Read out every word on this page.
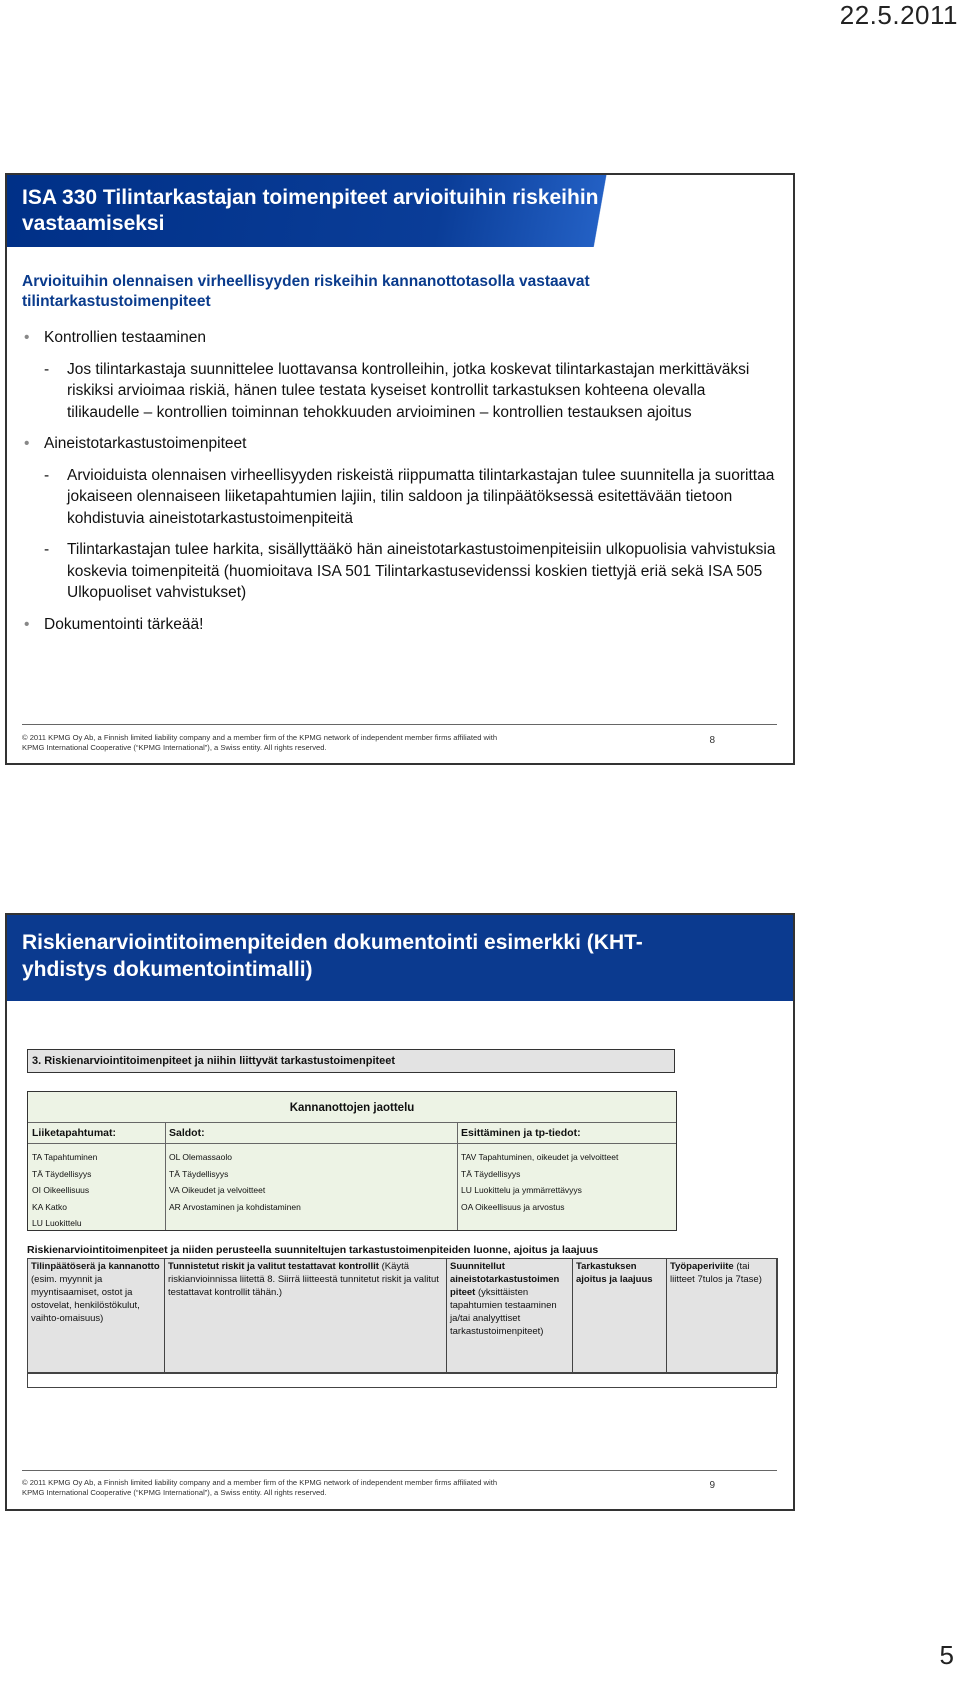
22.5.2011
ISA 330 Tilintarkastajan toimenpiteet arvioituihin riskeihin vastaamiseksi
Arvioituihin olennaisen virheellisyyden riskeihin kannanottotasolla vastaavat tilintarkastustoimenpiteet

• Kontrollien testaaminen

- Jos tilintarkastaja suunnittelee luottavansa kontrolleihin, jotka koskevat tilintarkastajan merkittäväksi riskiksi arvioimaa riskiä, hänen tulee testata kyseiset kontrollit tarkastuksen kohteena olevalla tilikaudelle – kontrollien toiminnan tehokkuuden arvioiminen – kontrollien testauksen ajoitus

• Aineistotarkastustoimenpiteet

- Arvioiduista olennaisen virheellisyyden riskeistä riippumatta tilintarkastajan tulee suunnitella ja suorittaa jokaiseen olennaiseen liiketapahtumien lajiin, tilin saldoon ja tilinpäätöksessä esitettävään tietoon kohdistuvia aineistotarkastustoimenpiteitä

- Tilintarkastajan tulee harkita, sisällyttääkö hän aineistotarkastustoimenpiteisiin ulkopuolisia vahvistuksia koskevia toimenpiteitä (huomioitava ISA 501 Tilintarkastusevidenssi koskien tiettyjä eriä sekä ISA 505 Ulkopuoliset vahvistukset)

• Dokumentointi tärkeää!

© 2011 KPMG Oy Ab, a Finnish limited liability company and a member firm of the KPMG network of independent member firms affiliated with
KPMG International Cooperative (“KPMG International”), a Swiss entity. All rights reserved.
8
Riskienarviointitoimenpiteiden dokumentointi esimerkki (KHT-yhdistys dokumentointimalli)
3. Riskienarviointitoimenpiteet ja niihin liittyvät tarkastustoimenpiteet
Kannanottojen jaottelu
Liiketapahtumat:	Saldot:	Esittäminen ja tp-tiedot:
TA Tapahtuminen
TÄ Täydellisyys
OI Oikeellisuus
KA Katko
LU Luokittelu
OL Olemassaolo
TÄ Täydellisyys
VA Oikeudet ja velvoitteet
AR Arvostaminen ja kohdistaminen
TAV Tapahtuminen, oikeudet ja velvoitteet
TÄ Täydellisyys
LU Luokittelu ja ymmärrettävyys
OA Oikeellisuus ja arvostus
Riskienarviointitoimenpiteet ja niiden perusteella suunniteltujen tarkastustoimenpiteiden luonne, ajoitus ja laajuus
Tilinpäätöserä ja kannanotto (esim. myynnit ja myyntisaamiset, ostot ja ostovelat, henkilöstökulut, vaihto-omaisuus)
Tunnistetut riskit ja valitut testattavat kontrollit (Käytä riskianvioinnissa liitettä 8. Siirrä liitteestä tunnitetut riskit ja valitut testattavat kontrollit tähän.)
Suunnitellut aineistotarkastustoimen piteet (yksittäisten tapahtumien testaaminen ja/tai analyyttiset tarkastustoimenpiteet)
Tarkastuksen ajoitus ja laajuus
Työpaperiviite (tai liitteet 7tulos ja 7tase)
© 2011 KPMG Oy Ab, a Finnish limited liability company and a member firm of the KPMG network of independent member firms affiliated with
KPMG International Cooperative (“KPMG International”), a Swiss entity. All rights reserved.
9
5
